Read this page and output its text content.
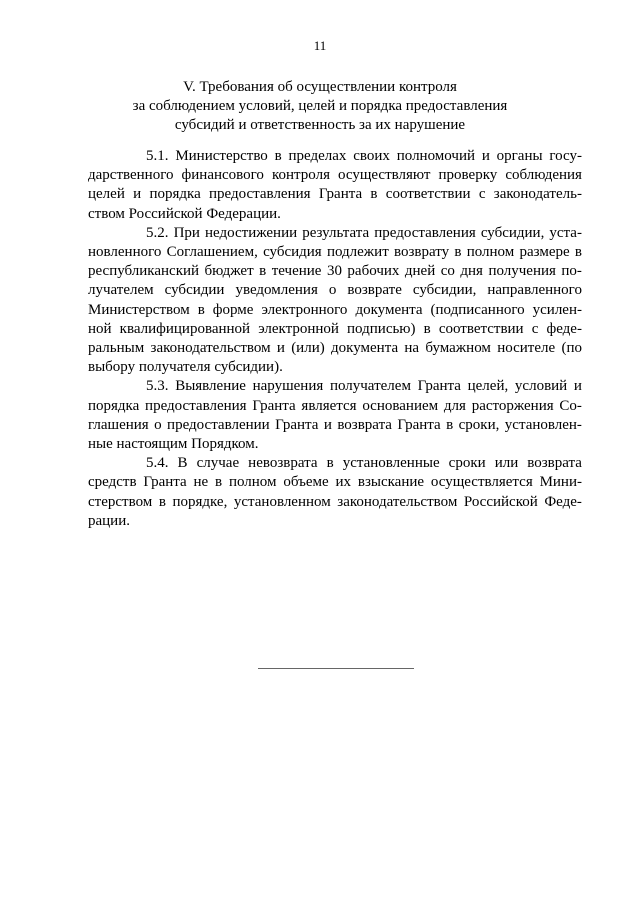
11
V. Требования об осуществлении контроля
за соблюдением условий, целей и порядка предоставления
субсидий и ответственность за их нарушение
5.1. Министерство в пределах своих полномочий и органы госу-
дарственного финансового контроля осуществляют проверку соблюдения
целей и порядка предоставления Гранта в соответствии с законодатель-
ством Российской Федерации.
5.2. При недостижении результата предоставления субсидии, уста-
новленного Соглашением, субсидия подлежит возврату в полном размере в
республиканский бюджет в течение 30 рабочих дней со дня получения по-
лучателем субсидии уведомления о возврате субсидии, направленного
Министерством в форме электронного документа (подписанного усилен-
ной квалифицированной электронной подписью) в соответствии с феде-
ральным законодательством и (или) документа на бумажном носителе (по
выбору получателя субсидии).
5.3. Выявление нарушения получателем Гранта целей, условий и
порядка предоставления Гранта является основанием для расторжения Со-
глашения о предоставлении Гранта и возврата Гранта в сроки, установлен-
ные настоящим Порядком.
5.4. В случае невозврата в установленные сроки или возврата
средств Гранта не в полном объеме их взыскание осуществляется Мини-
стерством в порядке, установленном законодательством Российской Феде-
рации.
